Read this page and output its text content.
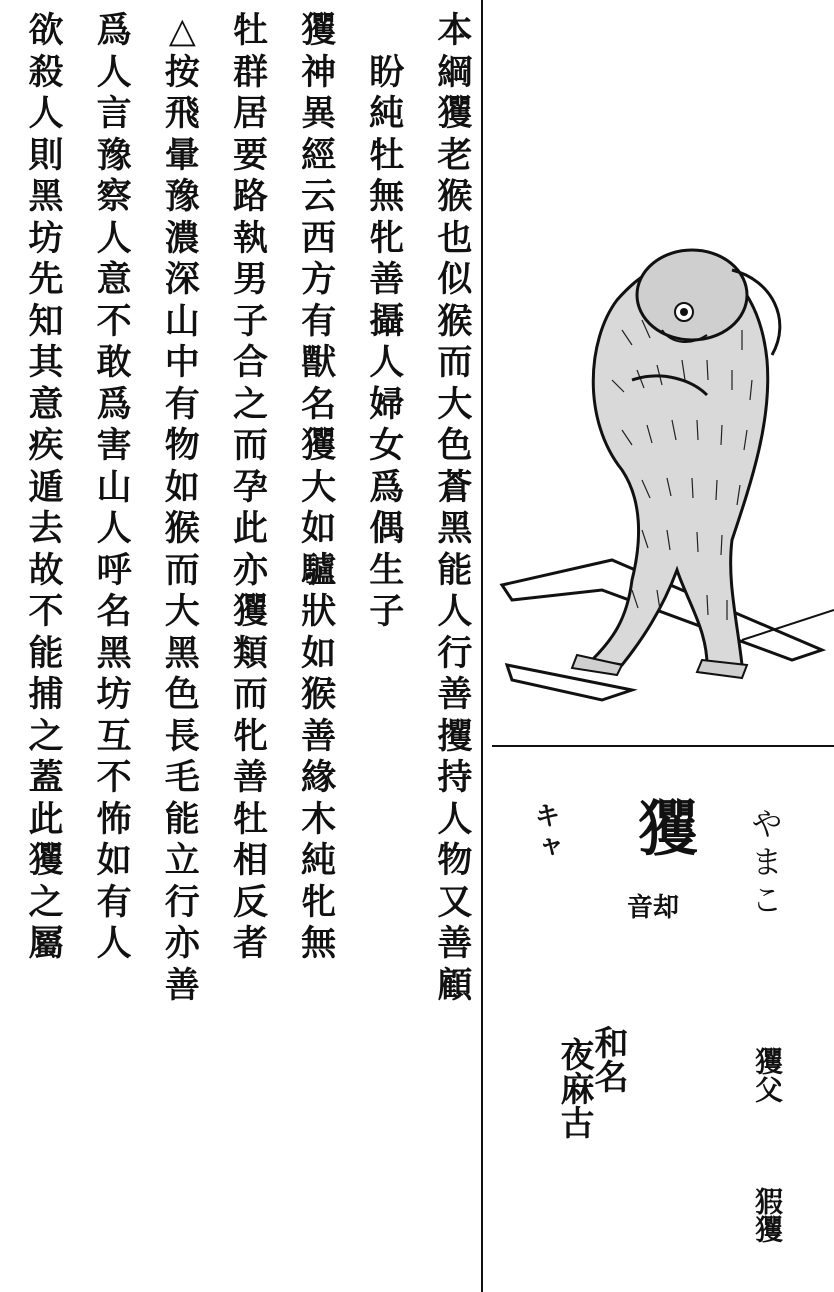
本
綱
玃
老
猴
也
似
猴
而
大
色
蒼
黑
能
人
行
善
攫
持
人
物
又
善
顧
盼
純
牡
無
牝
善
攝
人
婦
女
爲
偶
生
子
玃
神
異
經
云
西
方
有
獸
名
玃
大
如
驢
狀
如
猴
善
緣
木
純
牝
無
牡
群
居
要
路
執
男
子
合
之
而
孕
此
亦
玃
類
而
牝
善
牡
相
反
者
△
按
飛
暈
豫
濃
深
山
中
有
物
如
猴
而
大
黑
色
長
毛
能
立
行
亦
善
爲
人
言
豫
察
人
意
不
敢
爲
害
山
人
呼
名
黑
坊
互
不
怖
如
有
人
欲
殺
人
則
黑
坊
先
知
其
意
疾
遁
去
故
不
能
捕
之
蓋
此
玃
之
屬
やまこ
玃
音却
キャ
和名
夜麻古	玃父
猳玃
